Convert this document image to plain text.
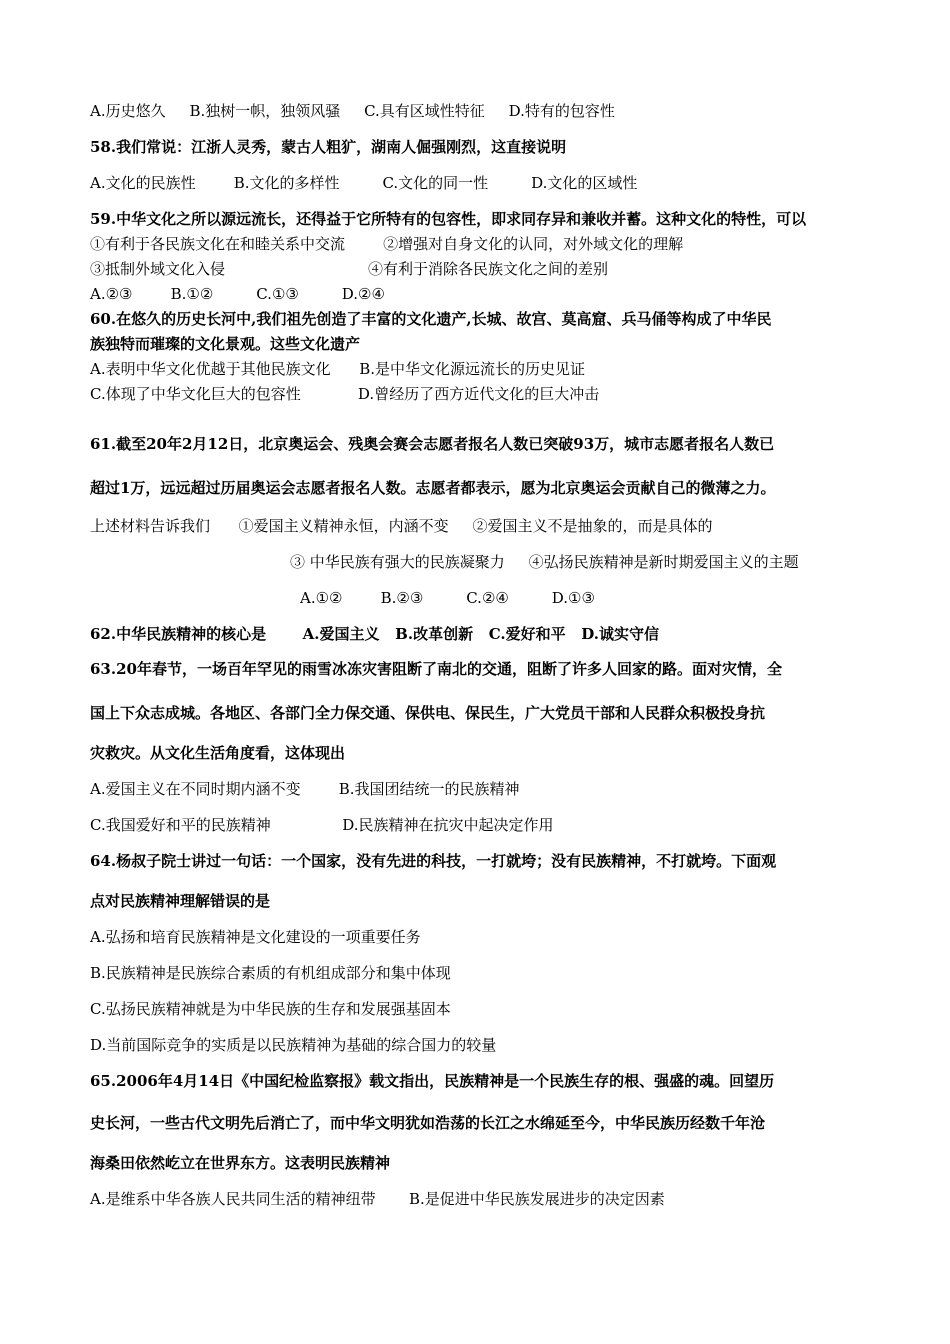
A.历史悠久     B.独树一帜，独领风骚     C.具有区域性特征     D.特有的包容性
58.我们常说：江浙人灵秀，蒙古人粗犷，湖南人倔强刚烈，这直接说明
A.文化的民族性        B.文化的多样性         C.文化的同一性         D.文化的区域性
59.中华文化之所以源远流长，还得益于它所特有的包容性，即求同存异和兼收并蓄。这种文化的特性，可以
①有利于各民族文化在和睦关系中交流        ②增强对自身文化的认同，对外域文化的理解
③抵制外域文化入侵                              ④有利于消除各民族文化之间的差别
A.②③        B.①②         C.①③         D.②④
60.在悠久的历史长河中,我们祖先创造了丰富的文化遗产,长城、故宫、莫高窟、兵马俑等构成了中华民
族独特而璀璨的文化景观。这些文化遗产
A.表明中华文化优越于其他民族文化      B.是中华文化源远流长的历史见证
C.体现了中华文化巨大的包容性            D.曾经历了西方近代文化的巨大冲击
61.截至20年2月12日，北京奥运会、残奥会赛会志愿者报名人数已突破93万，城市志愿者报名人数已
超过1万，远远超过历届奥运会志愿者报名人数。志愿者都表示，愿为北京奥运会贡献自己的微薄之力。
上述材料告诉我们      ①爱国主义精神永恒，内涵不变     ②爱国主义不是抽象的，而是具体的
③ 中华民族有强大的民族凝聚力     ④弘扬民族精神是新时期爱国主义的主题
A.①②        B.②③         C.②④         D.①③
62.中华民族精神的核心是       A.爱国主义   B.改革创新   C.爱好和平   D.诚实守信
63.20年春节，一场百年罕见的雨雪冰冻灾害阻断了南北的交通，阻断了许多人回家的路。面对灾情，全
国上下众志成城。各地区、各部门全力保交通、保供电、保民生，广大党员干部和人民群众积极投身抗
灾救灾。从文化生活角度看，这体现出
A.爱国主义在不同时期内涵不变        B.我国团结统一的民族精神
C.我国爱好和平的民族精神               D.民族精神在抗灾中起决定作用
64.杨叔子院士讲过一句话：一个国家，没有先进的科技，一打就垮；没有民族精神，不打就垮。下面观
点对民族精神理解错误的是
A.弘扬和培育民族精神是文化建设的一项重要任务
B.民族精神是民族综合素质的有机组成部分和集中体现
C.弘扬民族精神就是为中华民族的生存和发展强基固本
D.当前国际竞争的实质是以民族精神为基础的综合国力的较量
65.2006年4月14日《中国纪检监察报》载文指出，民族精神是一个民族生存的根、强盛的魂。回望历
史长河，一些古代文明先后消亡了，而中华文明犹如浩荡的长江之水绵延至今，中华民族历经数千年沧
海桑田依然屹立在世界东方。这表明民族精神
A.是维系中华各族人民共同生活的精神纽带       B.是促进中华民族发展进步的决定因素
